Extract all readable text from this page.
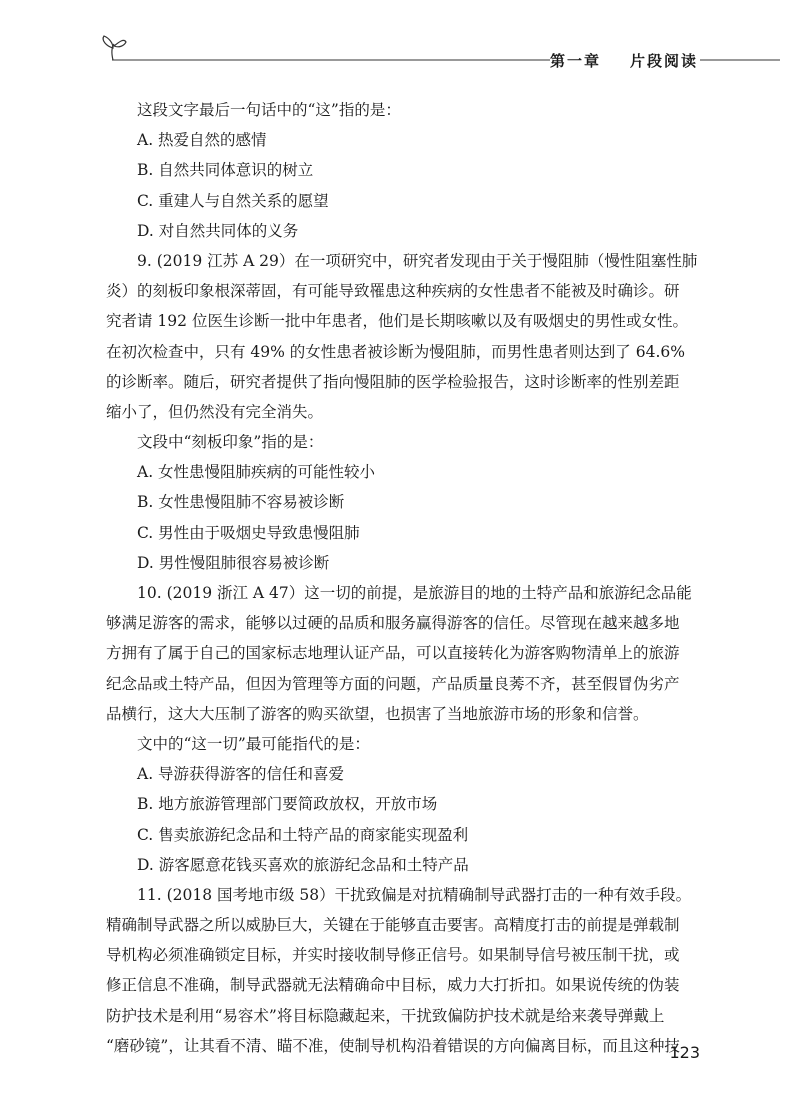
第一章 片段阅读
这段文字最后一句话中的“这”指的是：
A. 热爱自然的感情
B. 自然共同体意识的树立
C. 重建人与自然关系的愿望
D. 对自然共同体的义务
9. (2019 江苏 A 29）在一项研究中，研究者发现由于关于慢阻肺（慢性阻塞性肺
炎）的刻板印象根深蒂固，有可能导致罹患这种疾病的女性患者不能被及时确诊。研
究者请 192 位医生诊断一批中年患者，他们是长期咳嗽以及有吸烟史的男性或女性。
在初次检查中，只有 49% 的女性患者被诊断为慢阻肺，而男性患者则达到了 64.6%
的诊断率。随后，研究者提供了指向慢阻肺的医学检验报告，这时诊断率的性别差距
缩小了，但仍然没有完全消失。
文段中“刻板印象”指的是：
A. 女性患慢阻肺疾病的可能性较小
B. 女性患慢阻肺不容易被诊断
C. 男性由于吸烟史导致患慢阻肺
D. 男性慢阻肺很容易被诊断
10. (2019 浙江 A 47）这一切的前提，是旅游目的地的土特产品和旅游纪念品能
够满足游客的需求，能够以过硬的品质和服务赢得游客的信任。尽管现在越来越多地
方拥有了属于自己的国家标志地理认证产品，可以直接转化为游客购物清单上的旅游
纪念品或土特产品，但因为管理等方面的问题，产品质量良莠不齐，甚至假冒伪劣产
品横行，这大大压制了游客的购买欲望，也损害了当地旅游市场的形象和信誉。
文中的“这一切”最可能指代的是：
A. 导游获得游客的信任和喜爱
B. 地方旅游管理部门要简政放权，开放市场
C. 售卖旅游纪念品和土特产品的商家能实现盈利
D. 游客愿意花钱买喜欢的旅游纪念品和土特产品
11. (2018 国考地市级 58）干扰致偏是对抗精确制导武器打击的一种有效手段。
精确制导武器之所以威胁巨大，关键在于能够直击要害。高精度打击的前提是弹载制
导机构必须准确锁定目标，并实时接收制导修正信号。如果制导信号被压制干扰，或
修正信息不准确，制导武器就无法精确命中目标，威力大打折扣。如果说传统的伪装
防护技术是利用“易容术”将目标隐藏起来，干扰致偏防护技术就是给来袭导弹戴上
“磨砂镜”，让其看不清、瞄不准，使制导机构沿着错误的方向偏离目标，而且这种技
123
